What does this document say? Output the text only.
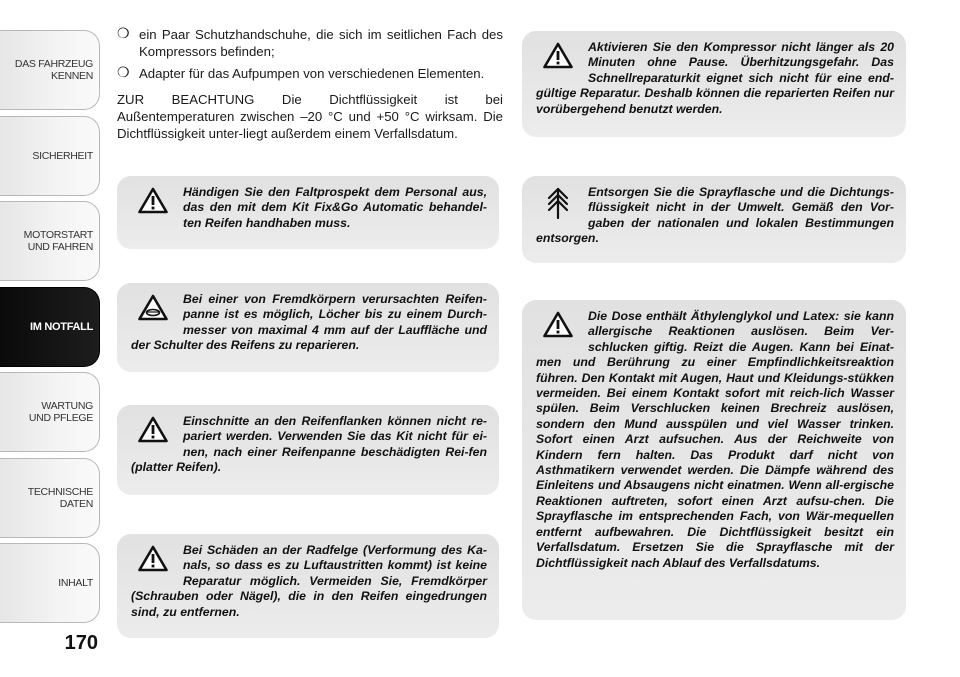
DAS FAHRZEUG
KENNEN
SICHERHEIT
MOTORSTART
UND FAHREN
IM NOTFALL
WARTUNG
UND PFLEGE
TECHNISCHE
DATEN
INHALT
170
❍ ein Paar Schutzhandschuhe, die sich im seitlichen Fach des Kompressors befinden;
❍ Adapter für das Aufpumpen von verschiedenen Elementen.
ZUR BEACHTUNG Die Dichtflüssigkeit ist bei Außentemperaturen zwischen –20 °C und +50 °C wirksam. Die Dichtflüssigkeit unter-liegt außerdem einem Verfallsdatum.
Händigen Sie den Faltprospekt dem Personal aus, das den mit dem Kit Fix&Go Automatic behandel-ten Reifen handhaben muss.
Bei einer von Fremdkörpern verursachten Reifen-panne ist es möglich, Löcher bis zu einem Durch-messer von maximal 4 mm auf der Lauffläche und der Schulter des Reifens zu reparieren.
Einschnitte an den Reifenflanken können nicht re-pariert werden. Verwenden Sie das Kit nicht für ei-nen, nach einer Reifenpanne beschädigten Rei-fen (platter Reifen).
Bei Schäden an der Radfelge (Verformung des Ka-nals, so dass es zu Luftaustritten kommt) ist keine Reparatur möglich. Vermeiden Sie, Fremdkörper (Schrauben oder Nägel), die in den Reifen eingedrungen sind, zu entfernen.
Aktivieren Sie den Kompressor nicht länger als 20 Minuten ohne Pause. Überhitzungsgefahr. Das Schnellreparaturkit eignet sich nicht für eine end-gültige Reparatur. Deshalb können die reparierten Reifen nur vorübergehend benutzt werden.
Entsorgen Sie die Sprayflasche und die Dichtungs-flüssigkeit nicht in der Umwelt. Gemäß den Vor-gaben der nationalen und lokalen Bestimmungen entsorgen.
Die Dose enthält Äthylenglykol und Latex: sie kann allergische Reaktionen auslösen. Beim Ver-schlucken giftig. Reizt die Augen. Kann bei Einat-men und Berührung zu einer Empfindlichkeitsreaktion führen. Den Kontakt mit Augen, Haut und Kleidungs-stükken vermeiden. Bei einem Kontakt sofort mit reich-lich Wasser spülen. Beim Verschlucken keinen Brechreiz auslösen, sondern den Mund ausspülen und viel Wasser trinken. Sofort einen Arzt aufsuchen. Aus der Reichweite von Kindern fern halten. Das Produkt darf nicht von Asthmatikern verwendet werden. Die Dämpfe während des Einleitens und Absaugens nicht einatmen. Wenn all-ergische Reaktionen auftreten, sofort einen Arzt aufsu-chen. Die Sprayflasche im entsprechenden Fach, von Wär-mequellen entfernt aufbewahren. Die Dichtflüssigkeit besitzt ein Verfallsdatum. Ersetzen Sie die Sprayflasche mit der Dichtflüssigkeit nach Ablauf des Verfallsdatums.
